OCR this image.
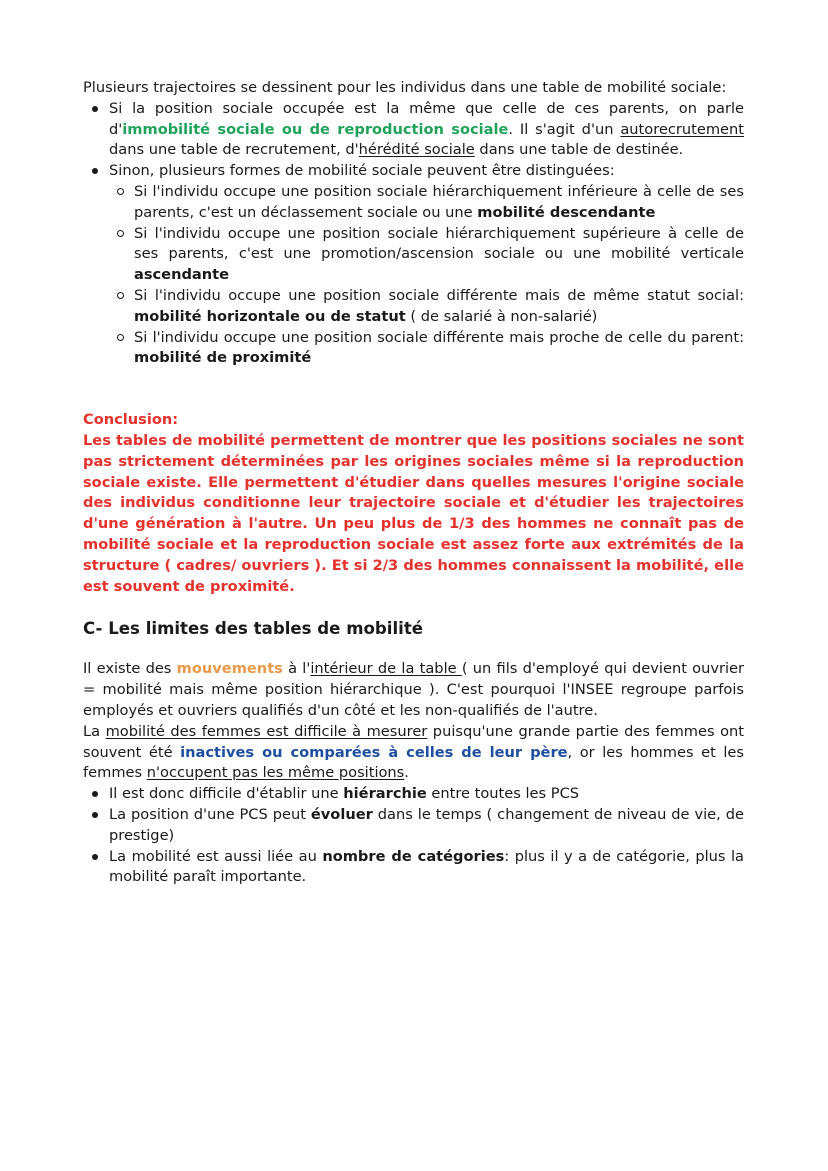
Plusieurs trajectoires se dessinent pour les individus dans une table de mobilité sociale:

Si la position sociale occupée est la même que celle de ces parents, on parle d'immobilité sociale ou de reproduction sociale. Il s'agit d'un autorecrutement dans une table de recrutement, d'hérédité sociale dans une table de destinée.
Sinon, plusieurs formes de mobilité sociale peuvent être distinguées:
Si l'individu occupe une position sociale hiérarchiquement inférieure à celle de ses parents, c'est un déclassement sociale ou une mobilité descendante
Si l'individu occupe une position sociale hiérarchiquement supérieure à celle de ses parents, c'est une promotion/ascension sociale ou une mobilité verticale ascendante
Si l'individu occupe une position sociale différente mais de même statut social: mobilité horizontale ou de statut ( de salarié à non-salarié)
Si l'individu occupe une position sociale différente mais proche de celle du parent: mobilité de proximité

Conclusion:

Les tables de mobilité permettent de montrer que les positions sociales ne sont pas strictement déterminées par les origines sociales même si la reproduction sociale existe. Elle permettent d'étudier dans quelles mesures l'origine sociale des individus conditionne leur trajectoire sociale et d'étudier les trajectoires d'une génération à l'autre. Un peu plus de 1/3 des hommes ne connaît pas de mobilité sociale et la reproduction sociale est assez forte aux extrémités de la structure ( cadres/ ouvriers ). Et si 2/3 des hommes connaissent la mobilité, elle est souvent de proximité.

C- Les limites des tables de mobilité

Il existe des mouvements à l'intérieur de la table ( un fils d'employé qui devient ouvrier = mobilité mais même position hiérarchique ). C'est pourquoi l'INSEE regroupe parfois employés et ouvriers qualifiés d'un côté et les non-qualifiés de l'autre.

La mobilité des femmes est difficile à mesurer puisqu'une grande partie des femmes ont souvent été inactives ou comparées à celles de leur père, or les hommes et les femmes n'occupent pas les même positions.

Il est donc difficile d'établir une hiérarchie entre toutes les PCS
La position d'une PCS peut évoluer dans le temps ( changement de niveau de vie, de prestige)
La mobilité est aussi liée au nombre de catégories: plus il y a de catégorie, plus la mobilité paraît importante.
